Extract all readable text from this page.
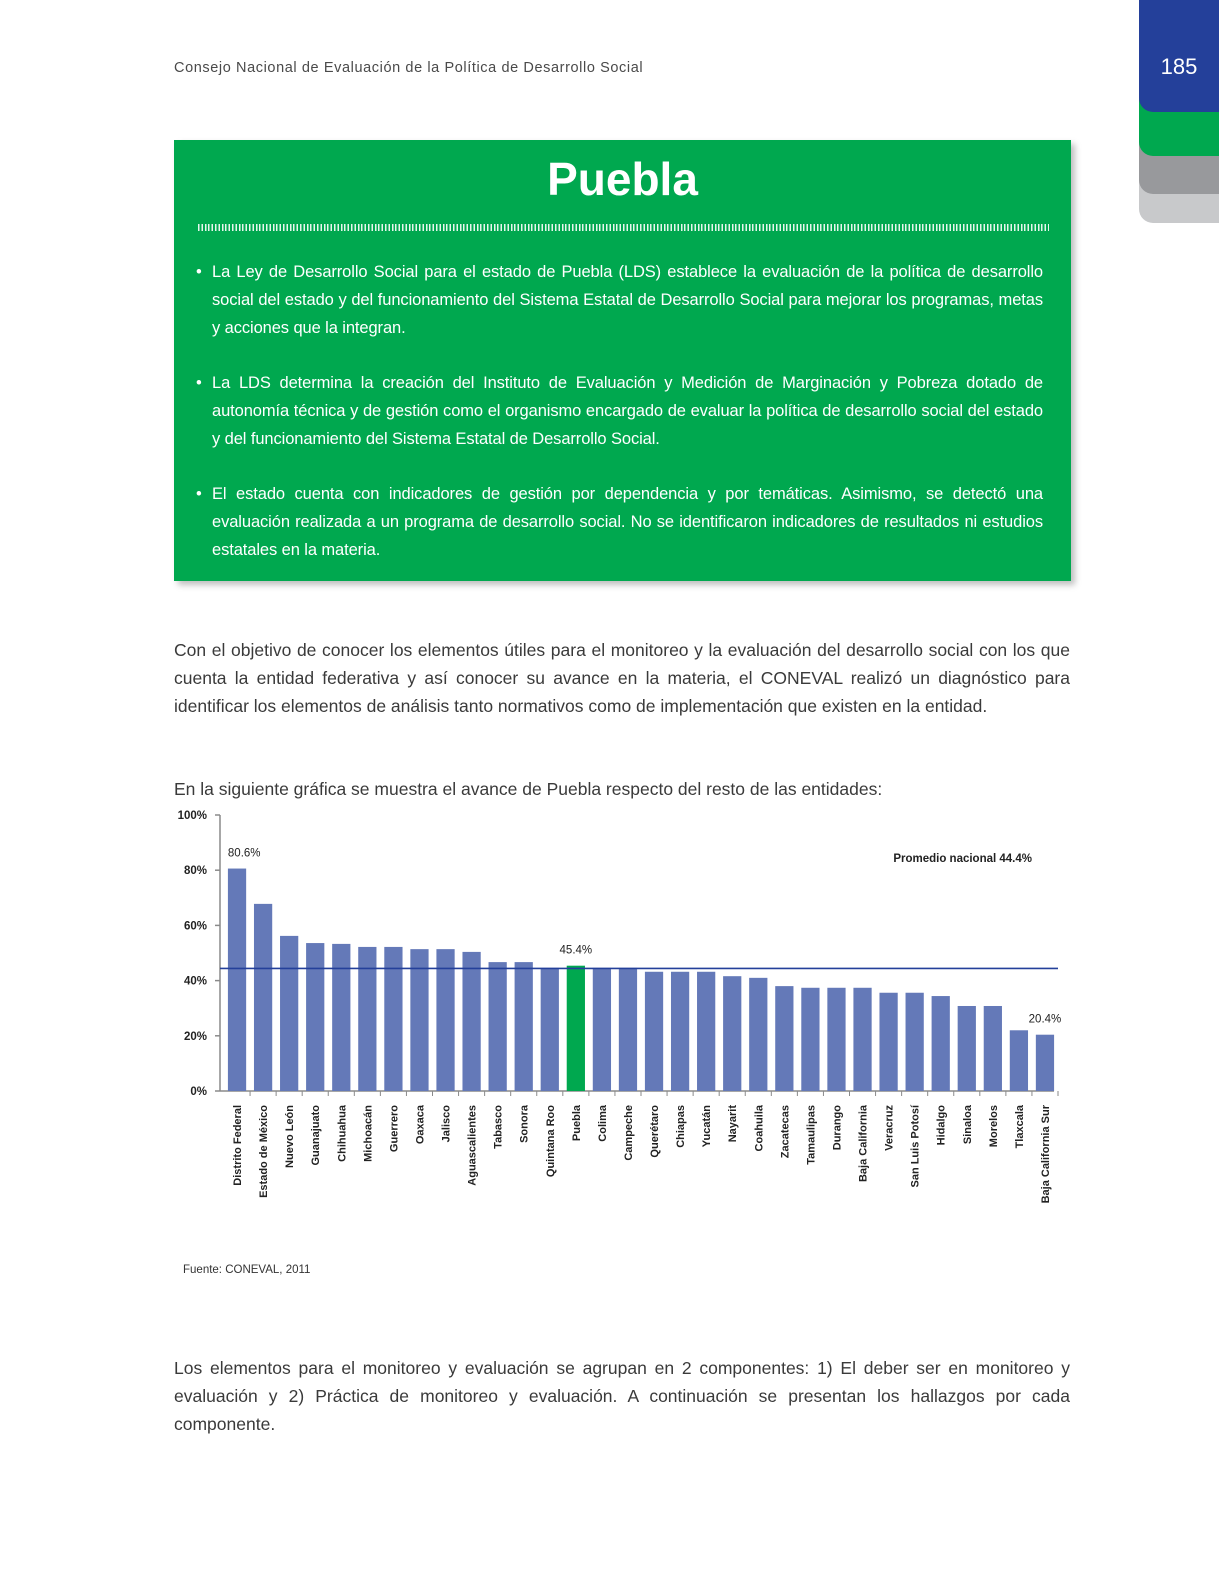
Consejo Nacional de Evaluación de la Política de Desarrollo Social	185
Puebla
• La Ley de Desarrollo Social para el estado de Puebla (LDS) establece la evaluación de la política de desarrollo social del estado y del funcionamiento del Sistema Estatal de Desarrollo Social para mejorar los programas, metas y acciones que la integran.
• La LDS determina la creación del Instituto de Evaluación y Medición de Marginación y Pobreza dotado de autonomía técnica y de gestión como el organismo encargado de evaluar la política de desarrollo social del estado y del funcionamiento del Sistema Estatal de Desarrollo Social.
• El estado cuenta con indicadores de gestión por dependencia y por temáticas. Asimismo, se detectó una evaluación realizada a un programa de desarrollo social. No se identificaron indicadores de resultados ni estudios estatales en la materia.

Con el objetivo de conocer los elementos útiles para el monitoreo y la evaluación del desarrollo social con los que cuenta la entidad federativa y así conocer su avance en la materia, el CONEVAL realizó un diagnóstico para identificar los elementos de análisis tanto normativos como de implementación que existen en la entidad.

En la siguiente gráfica se muestra el avance de Puebla respecto del resto de las entidades:

0%
20%
40%
60%
80%
100%
Distrito Federal Estado de México Nuevo León Guanajuato Chihuahua Michoacán Guerrero Oaxaca Jalisco Aguascalientes Tabasco Sonora Quintana Roo Puebla Colima Campeche Querétaro Chiapas Yucatán Nayarit Coahuila Zacatecas Tamaulipas Durango Baja California Veracruz San Luis Potosí Hidalgo Sinaloa Morelos Tlaxcala Baja California Sur
80.6%
45.4%
20.4%
Promedio nacional 44.4%
Fuente: CONEVAL, 2011

Los elementos para el monitoreo y evaluación se agrupan en 2 componentes: 1) El deber ser en monitoreo y evaluación y 2) Práctica de monitoreo y evaluación. A continuación se presentan los hallazgos por cada componente.
